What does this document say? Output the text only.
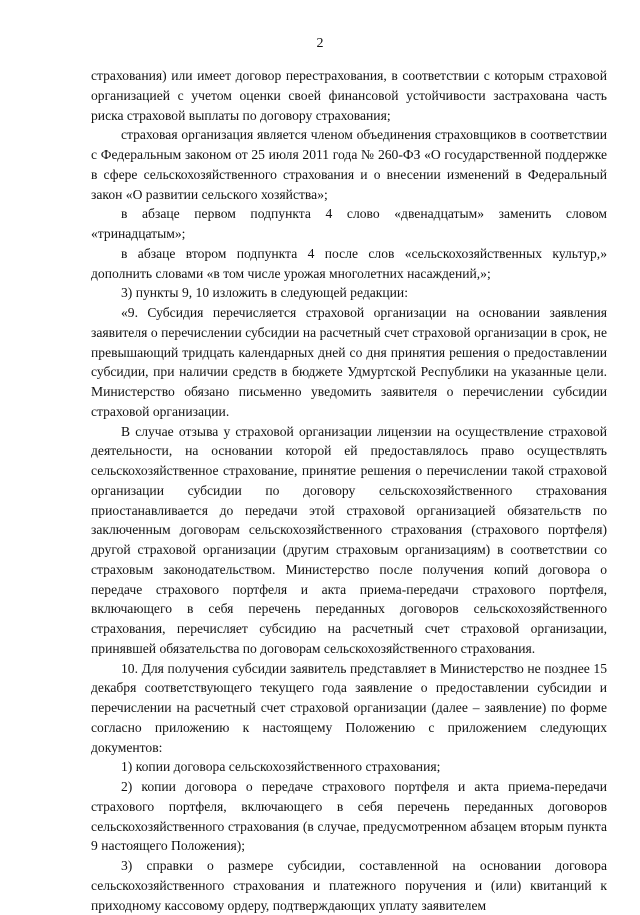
2

страхования) или имеет договор перестрахования, в соответствии с которым страховой организацией с учетом оценки своей финансовой устойчивости застрахована часть риска страховой выплаты по договору страхования;

страховая организация является членом объединения страховщиков в соответствии с Федеральным законом от 25 июля 2011 года № 260-ФЗ «О государственной поддержке в сфере сельскохозяйственного страхования и о внесении изменений в Федеральный закон «О развитии сельского хозяйства»;

в абзаце первом подпункта 4 слово «двенадцатым» заменить словом «тринадцатым»;

в абзаце втором подпункта 4 после слов «сельскохозяйственных культур,» дополнить словами «в том числе урожая многолетних насаждений,»;

3) пункты 9, 10 изложить в следующей редакции:

«9. Субсидия перечисляется страховой организации на основании заявления заявителя о перечислении субсидии на расчетный счет страховой организации в срок, не превышающий тридцать календарных дней со дня принятия решения о предоставлении субсидии, при наличии средств в бюджете Удмуртской Республики на указанные цели. Министерство обязано письменно уведомить заявителя о перечислении субсидии страховой организации.

В случае отзыва у страховой организации лицензии на осуществление страховой деятельности, на основании которой ей предоставлялось право осуществлять сельскохозяйственное страхование, принятие решения о перечислении такой страховой организации субсидии по договору сельскохозяйственного страхования приостанавливается до передачи этой страховой организацией обязательств по заключенным договорам сельскохозяйственного страхования (страхового портфеля) другой страховой организации (другим страховым организациям) в соответствии со страховым законодательством. Министерство после получения копий договора о передаче страхового портфеля и акта приема-передачи страхового портфеля, включающего в себя перечень переданных договоров сельскохозяйственного страхования, перечисляет субсидию на расчетный счет страховой организации, принявшей обязательства по договорам сельскохозяйственного страхования.

10. Для получения субсидии заявитель представляет в Министерство не позднее 15 декабря соответствующего текущего года заявление о предоставлении субсидии и перечислении на расчетный счет страховой организации (далее – заявление) по форме согласно приложению к настоящему Положению с приложением следующих документов:

1) копии договора сельскохозяйственного страхования;

2) копии договора о передаче страхового портфеля и акта приема-передачи страхового портфеля, включающего в себя перечень переданных договоров сельскохозяйственного страхования (в случае, предусмотренном абзацем вторым пункта 9 настоящего Положения);

3) справки о размере субсидии, составленной на основании договора сельскохозяйственного страхования и платежного поручения и (или) квитанций к приходному кассовому ордеру, подтверждающих уплату заявителем
